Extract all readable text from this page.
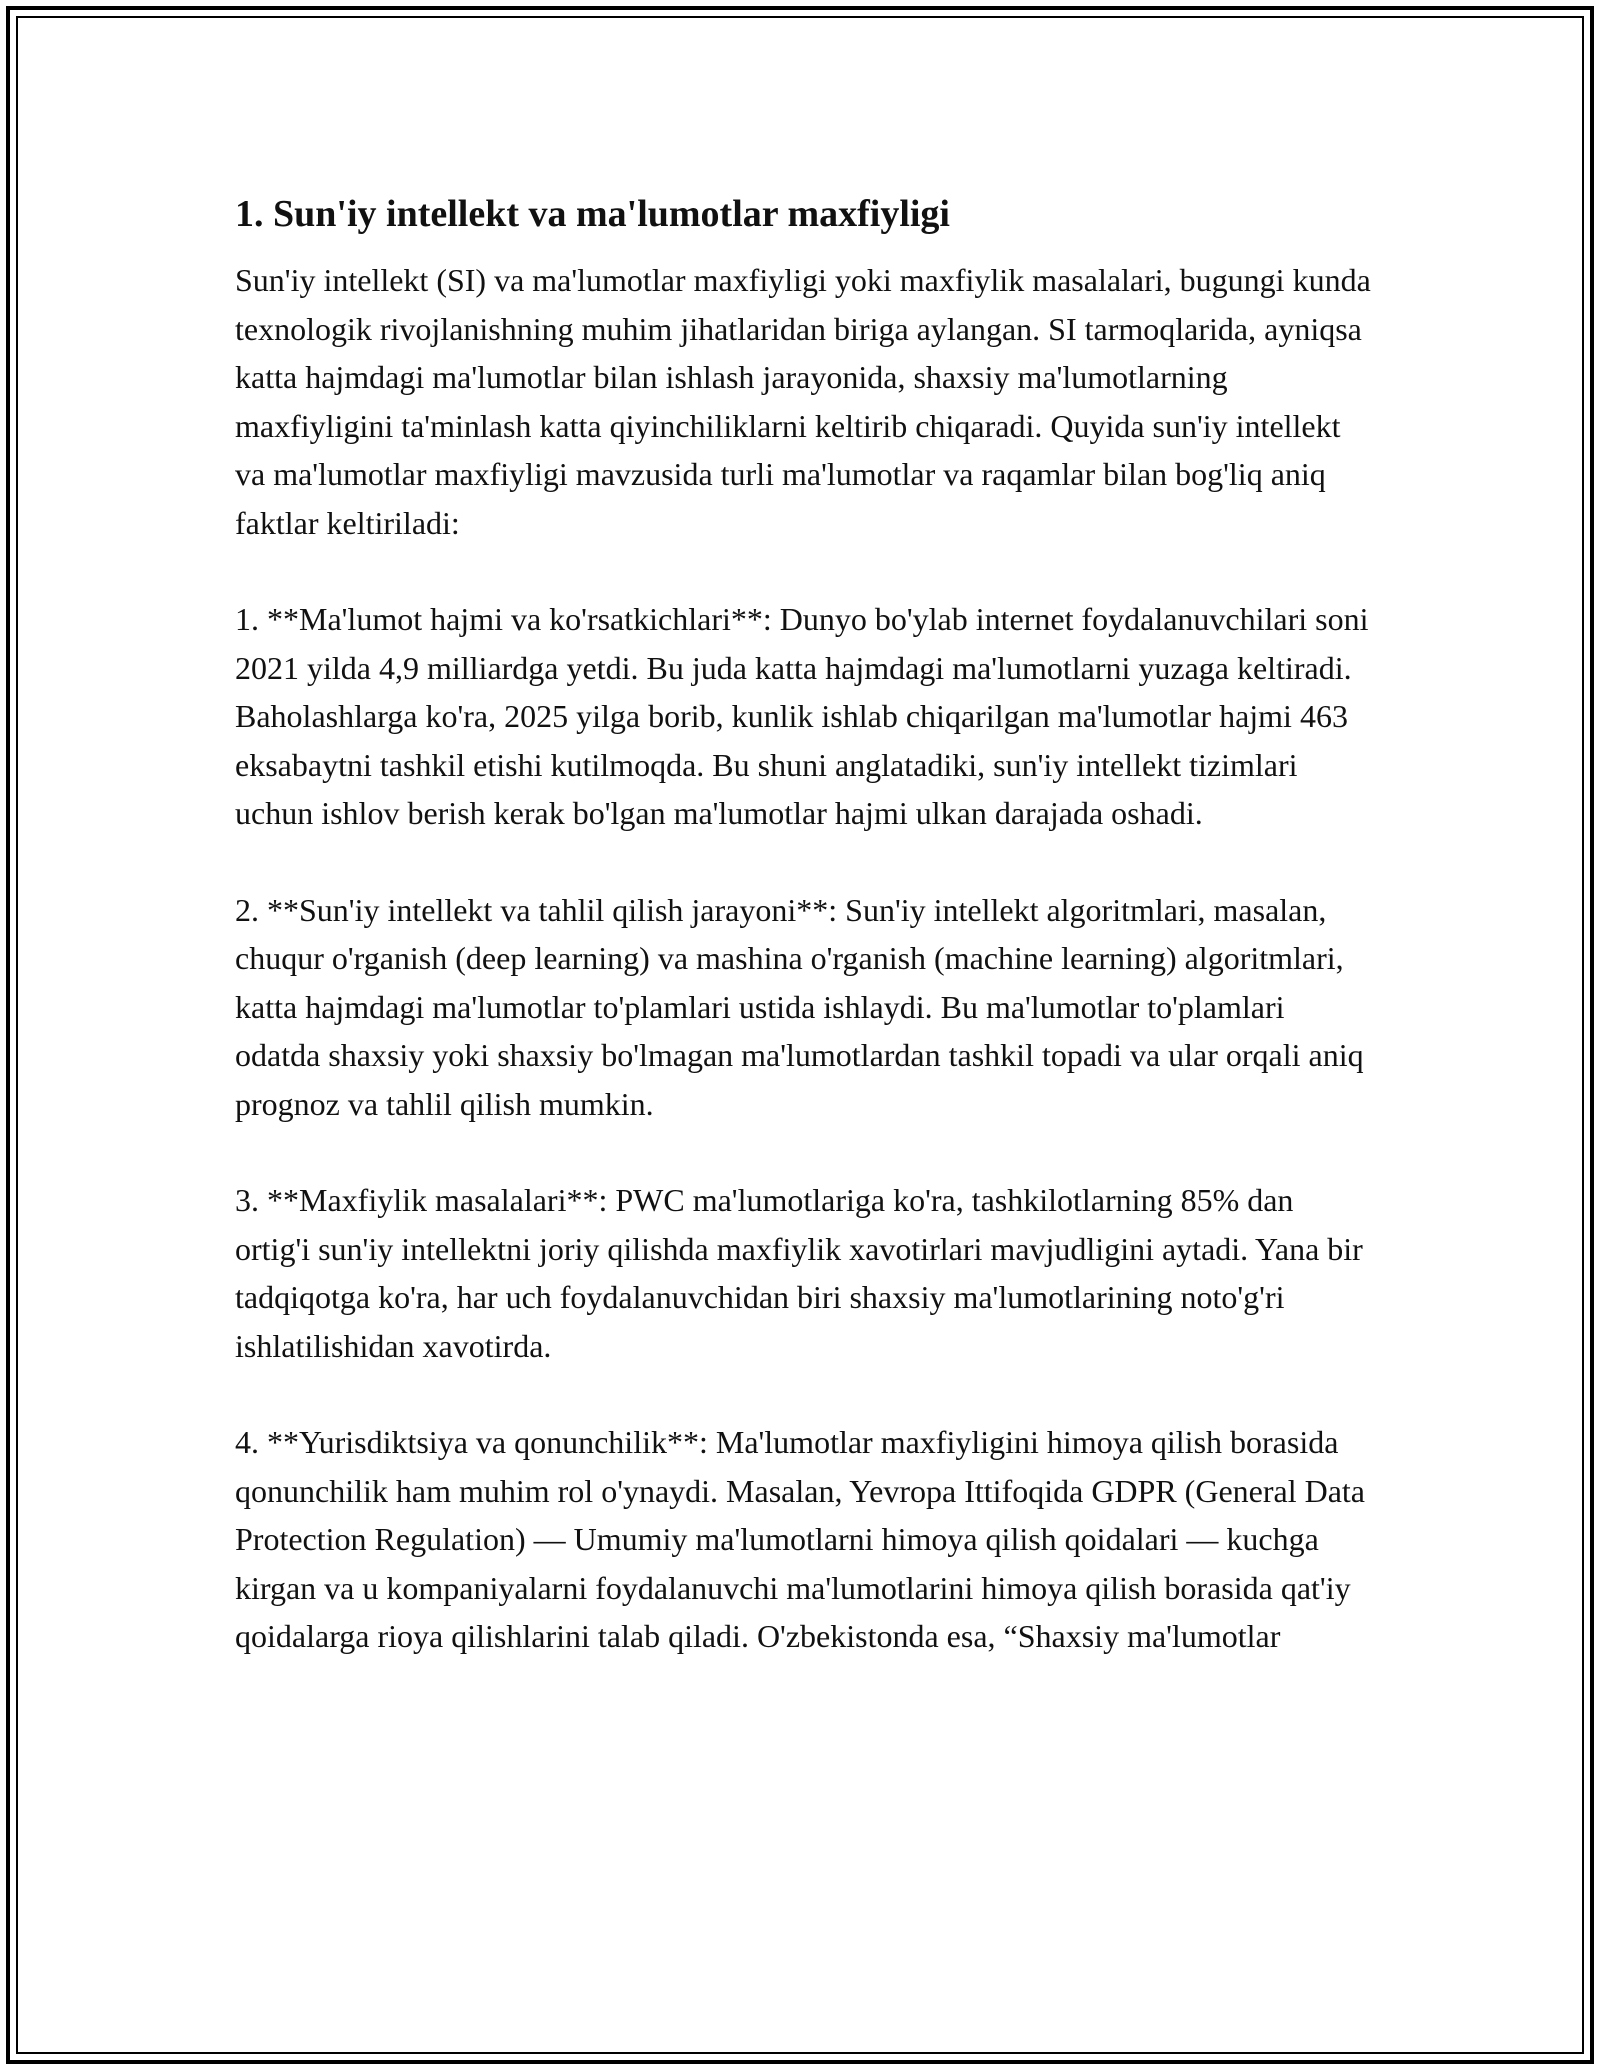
1. Sun'iy intellekt va ma'lumotlar maxfiyligi

Sun'iy intellekt (SI) va ma'lumotlar maxfiyligi yoki maxfiylik masalalari, bugungi kunda texnologik rivojlanishning muhim jihatlaridan biriga aylangan. SI tarmoqlarida, ayniqsa katta hajmdagi ma'lumotlar bilan ishlash jarayonida, shaxsiy ma'lumotlarning maxfiyligini ta'minlash katta qiyinchiliklarni keltirib chiqaradi. Quyida sun'iy intellekt va ma'lumotlar maxfiyligi mavzusida turli ma'lumotlar va raqamlar bilan bog'liq aniq faktlar keltiriladi:

1. **Ma'lumot hajmi va ko'rsatkichlari**: Dunyo bo'ylab internet foydalanuvchilari soni 2021 yilda 4,9 milliardga yetdi. Bu juda katta hajmdagi ma'lumotlarni yuzaga keltiradi. Baholashlarga ko'ra, 2025 yilga borib, kunlik ishlab chiqarilgan ma'lumotlar hajmi 463 eksabaytni tashkil etishi kutilmoqda. Bu shuni anglatadiki, sun'iy intellekt tizimlari uchun ishlov berish kerak bo'lgan ma'lumotlar hajmi ulkan darajada oshadi.

2. **Sun'iy intellekt va tahlil qilish jarayoni**: Sun'iy intellekt algoritmlari, masalan, chuqur o'rganish (deep learning) va mashina o'rganish (machine learning) algoritmlari, katta hajmdagi ma'lumotlar to'plamlari ustida ishlaydi. Bu ma'lumotlar to'plamlari odatda shaxsiy yoki shaxsiy bo'lmagan ma'lumotlardan tashkil topadi va ular orqali aniq prognoz va tahlil qilish mumkin.

3. **Maxfiylik masalalari**: PWC ma'lumotlariga ko'ra, tashkilotlarning 85% dan ortig'i sun'iy intellektni joriy qilishda maxfiylik xavotirlari mavjudligini aytadi. Yana bir tadqiqotga ko'ra, har uch foydalanuvchidan biri shaxsiy ma'lumotlarining noto'g'ri ishlatilishidan xavotirda.

4. **Yurisdiktsiya va qonunchilik**: Ma'lumotlar maxfiyligini himoya qilish borasida qonunchilik ham muhim rol o'ynaydi. Masalan, Yevropa Ittifoqida GDPR (General Data Protection Regulation) — Umumiy ma'lumotlarni himoya qilish qoidalari — kuchga kirgan va u kompaniyalarni foydalanuvchi ma'lumotlarini himoya qilish borasida qat'iy qoidalarga rioya qilishlarini talab qiladi. O'zbekistonda esa, “Shaxsiy ma'lumotlar
